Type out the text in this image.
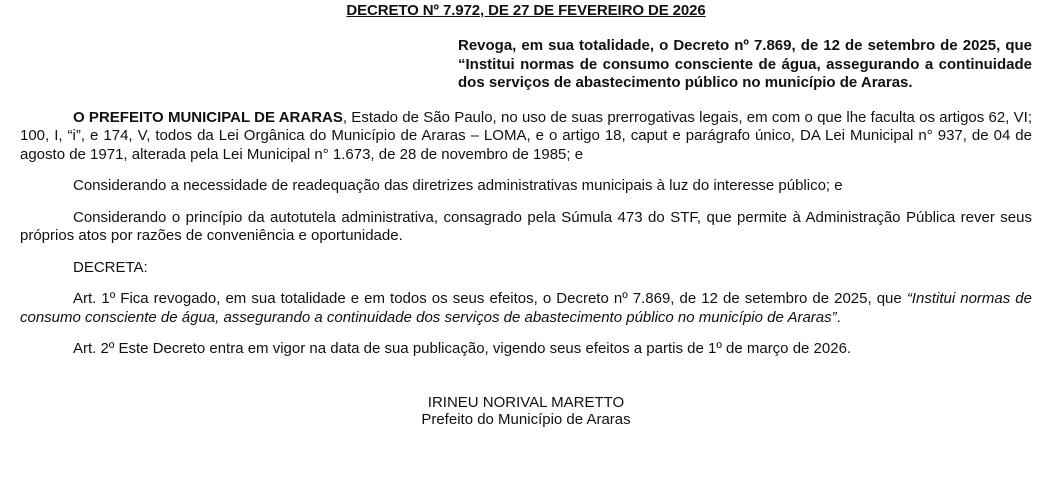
DECRETO Nº 7.972, DE 27 DE FEVEREIRO DE 2026

Revoga, em sua totalidade, o Decreto nº 7.869, de 12 de setembro de 2025, que “Institui normas de consumo consciente de água, assegurando a continuidade dos serviços de abastecimento público no município de Araras.

O PREFEITO MUNICIPAL DE ARARAS, Estado de São Paulo, no uso de suas prerrogativas legais, em com o que lhe faculta os artigos 62, VI; 100, I, “i”, e 174, V, todos da Lei Orgânica do Município de Araras – LOMA, e o artigo 18, caput e parágrafo único, DA Lei Municipal n° 937, de 04 de agosto de 1971, alterada pela Lei Municipal n° 1.673, de 28 de novembro de 1985; e

Considerando a necessidade de readequação das diretrizes administrativas municipais à luz do interesse público; e

Considerando o princípio da autotutela administrativa, consagrado pela Súmula 473 do STF, que permite à Administração Pública rever seus próprios atos por razões de conveniência e oportunidade.

DECRETA:

Art. 1º Fica revogado, em sua totalidade e em todos os seus efeitos, o Decreto nº 7.869, de 12 de setembro de 2025, que “Institui normas de consumo consciente de água, assegurando a continuidade dos serviços de abastecimento público no município de Araras”.

Art. 2º Este Decreto entra em vigor na data de sua publicação, vigendo seus efeitos a partis de 1º de março de 2026.

IRINEU NORIVAL MARETTO
Prefeito do Município de Araras
